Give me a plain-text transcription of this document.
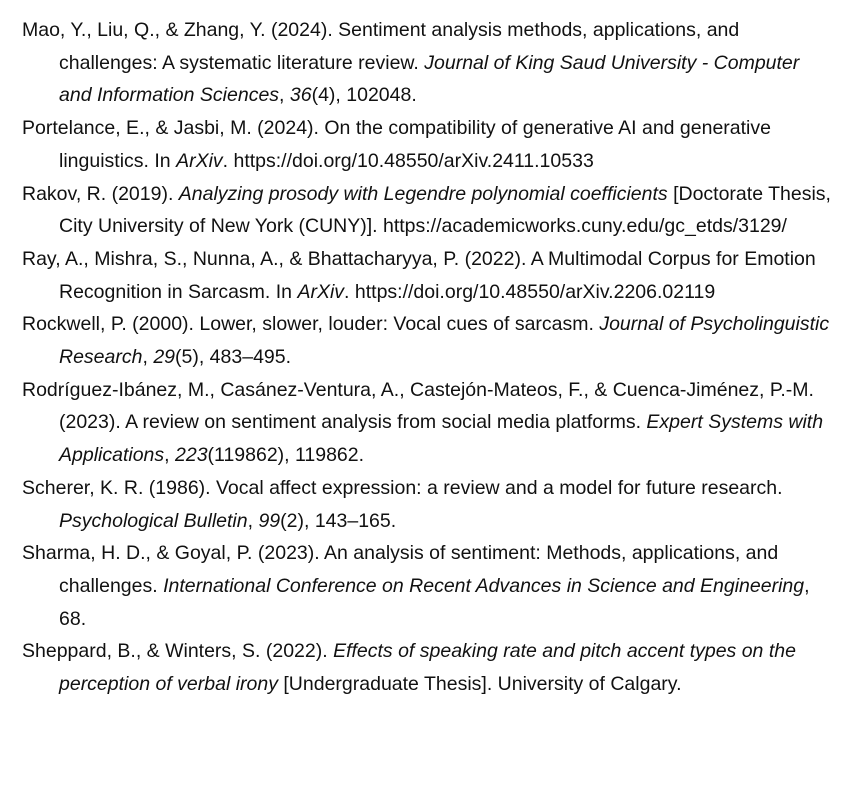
Mao, Y., Liu, Q., & Zhang, Y. (2024). Sentiment analysis methods, applications, and challenges: A systematic literature review. Journal of King Saud University - Computer and Information Sciences, 36(4), 102048.

Portelance, E., & Jasbi, M. (2024). On the compatibility of generative AI and generative linguistics. In ArXiv. https://doi.org/10.48550/arXiv.2411.10533

Rakov, R. (2019). Analyzing prosody with Legendre polynomial coefficients [Doctorate Thesis, City University of New York (CUNY)]. https://academicworks.cuny.edu/gc_etds/3129/

Ray, A., Mishra, S., Nunna, A., & Bhattacharyya, P. (2022). A Multimodal Corpus for Emotion Recognition in Sarcasm. In ArXiv. https://doi.org/10.48550/arXiv.2206.02119

Rockwell, P. (2000). Lower, slower, louder: Vocal cues of sarcasm. Journal of Psycholinguistic Research, 29(5), 483–495.

Rodríguez-Ibánez, M., Casánez-Ventura, A., Castejón-Mateos, F., & Cuenca-Jiménez, P.-M. (2023). A review on sentiment analysis from social media platforms. Expert Systems with Applications, 223(119862), 119862.

Scherer, K. R. (1986). Vocal affect expression: a review and a model for future research. Psychological Bulletin, 99(2), 143–165.

Sharma, H. D., & Goyal, P. (2023). An analysis of sentiment: Methods, applications, and challenges. International Conference on Recent Advances in Science and Engineering, 68.

Sheppard, B., & Winters, S. (2022). Effects of speaking rate and pitch accent types on the perception of verbal irony [Undergraduate Thesis]. University of Calgary.
